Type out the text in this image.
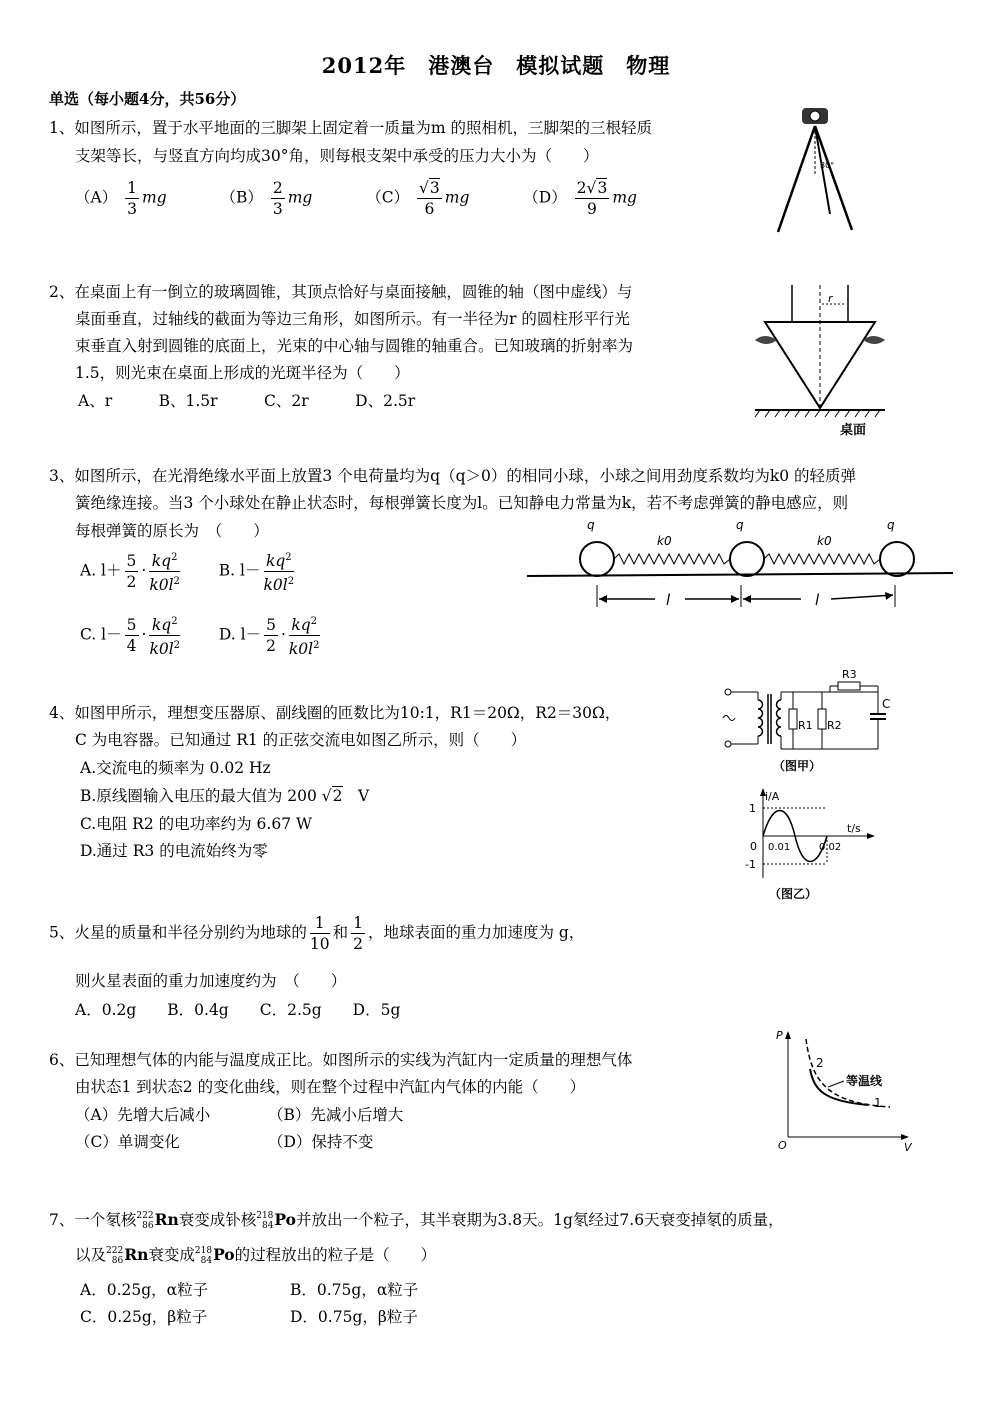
2012年　港澳台　模拟试题　物理
单选（每小题4分，共56分）
1、如图所示，置于水平地面的三脚架上固定着一质量为m 的照相机，三脚架的三根轻质
支架等长，与竖直方向均成30°角，则每根支架中承受的压力大小为（　　）
$(A) \frac{1}{3}$ mg	$(B) \frac{2}{3}$ mg	$(C) \frac{√3}{6}$ mg	$(D) \frac{2√3}{9}$ mg
30°
2、在桌面上有一倒立的玻璃圆锥，其顶点恰好与桌面接触，圆锥的轴（图中虚线）与
桌面垂直，过轴线的截面为等边三角形，如图所示。有一半径为r 的圆柱形平行光
束垂直入射到圆锥的底面上，光束的中心轴与圆锥的轴重合。已知玻璃的折射率为
1.5，则光束在桌面上形成的光斑半径为（　　）
A、r　　　B、1.5r　　　C、2r　　　D、2.5r
r
桌面
3、如图所示，在光滑绝缘水平面上放置3 个电荷量均为q（q＞0）的相同小球，小球之间用劲度系数均为k0 的轻质弹
簧绝缘连接。当3 个小球处在静止状态时，每根弹簧长度为l。已知静电力常量为k，若不考虑弹簧的静电感应，则
每根弹簧的原长为　（　　）
A. $l+ \frac{5}{2} \cdot \frac{kq^2}{k0l^2}$	B. $l- \frac{kq^2}{k0l^2}$
C. $l- \frac{5}{4} \cdot \frac{kq^2}{k0l^2}$	D. $l- \frac{5}{2} \cdot \frac{kq^2}{k0l^2}$
q	q	q
k0	k0
l	l
4、如图甲所示，理想变压器原、副线圈的匝数比为10:1，R1＝20Ω，R2＝30Ω，
C 为电容器。已知通过 R1 的正弦交流电如图乙所示，则（　　）
A.交流电的频率为 0.02 Hz
B.原线圈输入电压的最大值为 200 √2　 V
C.电阻 R2 的电功率约为 6.67 W
D.通过 R3 的电流始终为零
R1 R2
R3
C
（图甲）
i/A
t/s
1
-1
0 0.01	0.02
（图乙）
5、火星的质量和半径分别约为地球的 $\frac{1}{10}$ 和 $\frac{1}{2}$ ，地球表面的重力加速度为 g，
则火星表面的重力加速度约为　（　　）
A．0.2g　　B．0.4g　　C．2.5g　　D．5g
6、已知理想气体的内能与温度成正比。如图所示的实线为汽缸内一定质量的理想气体
由状态1 到状态2 的变化曲线，则在整个过程中汽缸内气体的内能（　　）
（A）先增大后减小	（B）先减小后增大
（C）单调变化	（D）保持不变
P
V
O
2
1
等温线
7、一个氡核222
86Rn衰变成钋核218
84Po并放出一个粒子，其半衰期为3.8天。1g氡经过7.6天衰变掉氡的质量，
以及222
86Rn衰变成218
84Po的过程放出的粒子是（　　）
A．0.25g，α粒子	B．0.75g，α粒子
C．0.25g，β粒子	D．0.75g，β粒子
